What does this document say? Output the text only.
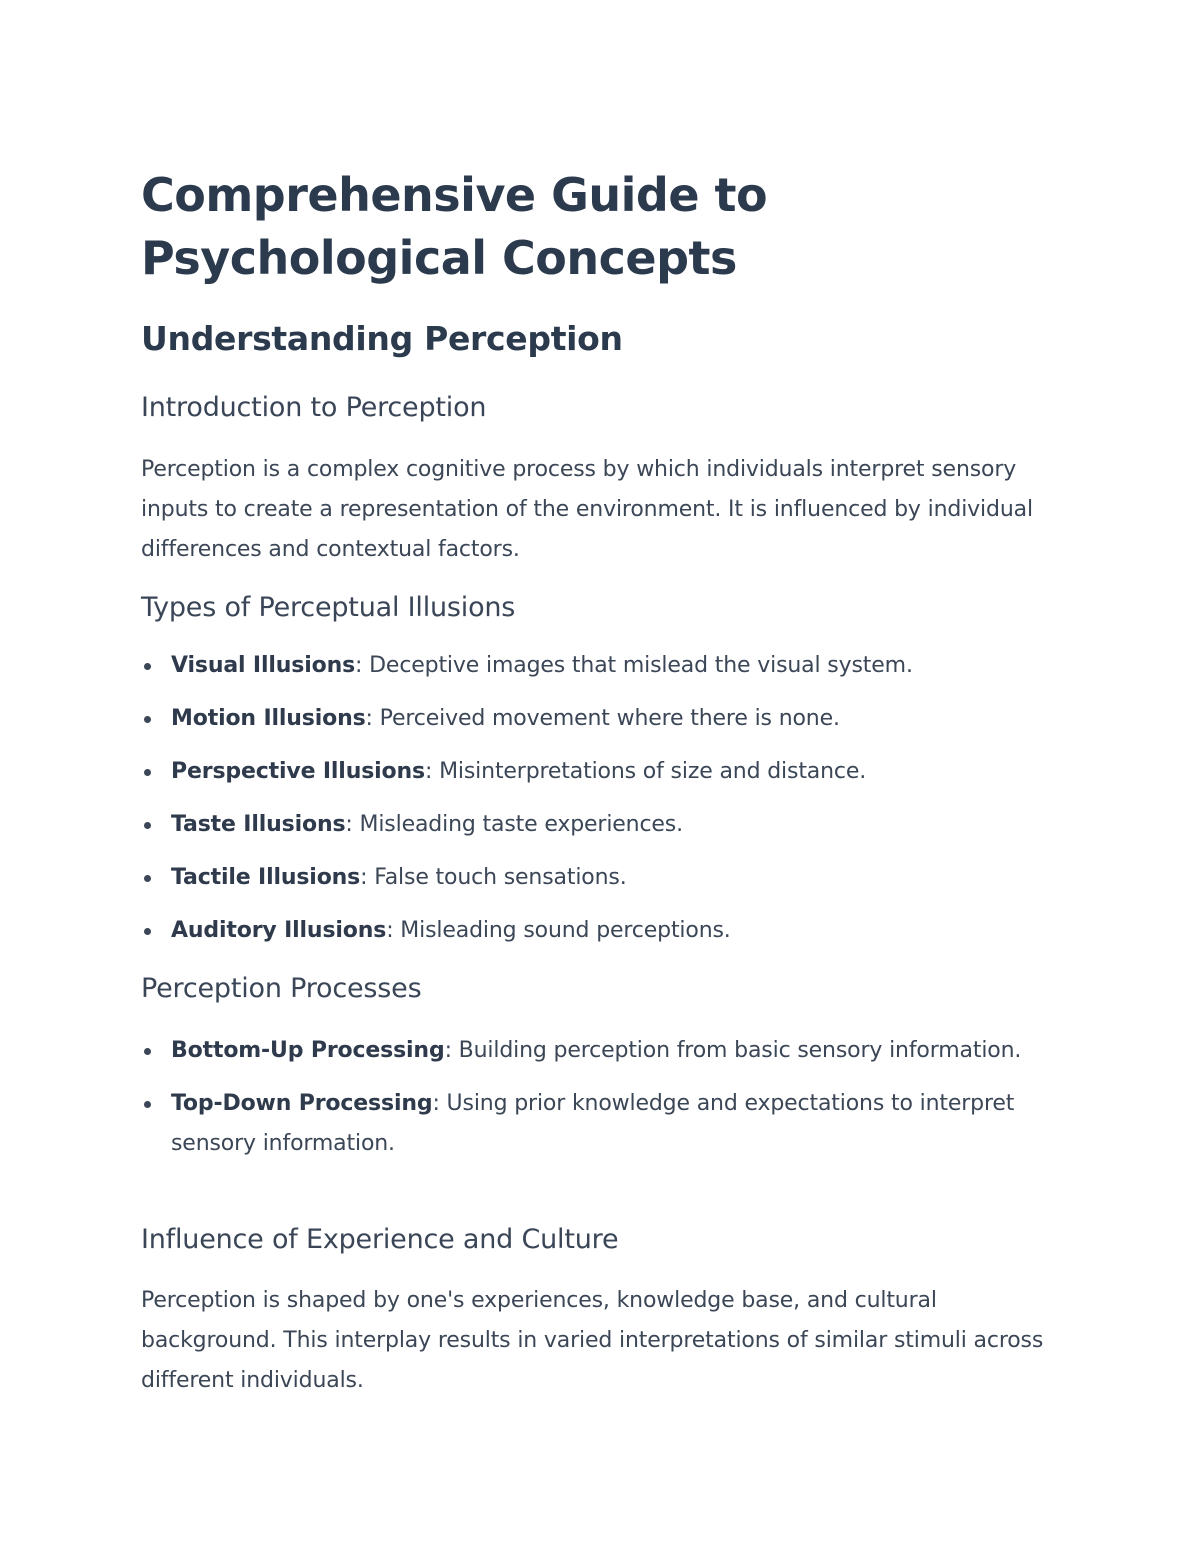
Comprehensive Guide to Psychological Concepts
Understanding Perception
Introduction to Perception

Perception is a complex cognitive process by which individuals interpret sensory inputs to create a representation of the environment. It is influenced by individual differences and contextual factors.

Types of Perceptual Illusions
Visual Illusions: Deceptive images that mislead the visual system.
Motion Illusions: Perceived movement where there is none.
Perspective Illusions: Misinterpretations of size and distance.
Taste Illusions: Misleading taste experiences.
Tactile Illusions: False touch sensations.
Auditory Illusions: Misleading sound perceptions.
Perception Processes
Bottom-Up Processing: Building perception from basic sensory information.
Top-Down Processing: Using prior knowledge and expectations to interpret sensory information.
Influence of Experience and Culture

Perception is shaped by one's experiences, knowledge base, and cultural background. This interplay results in varied interpretations of similar stimuli across different individuals.
